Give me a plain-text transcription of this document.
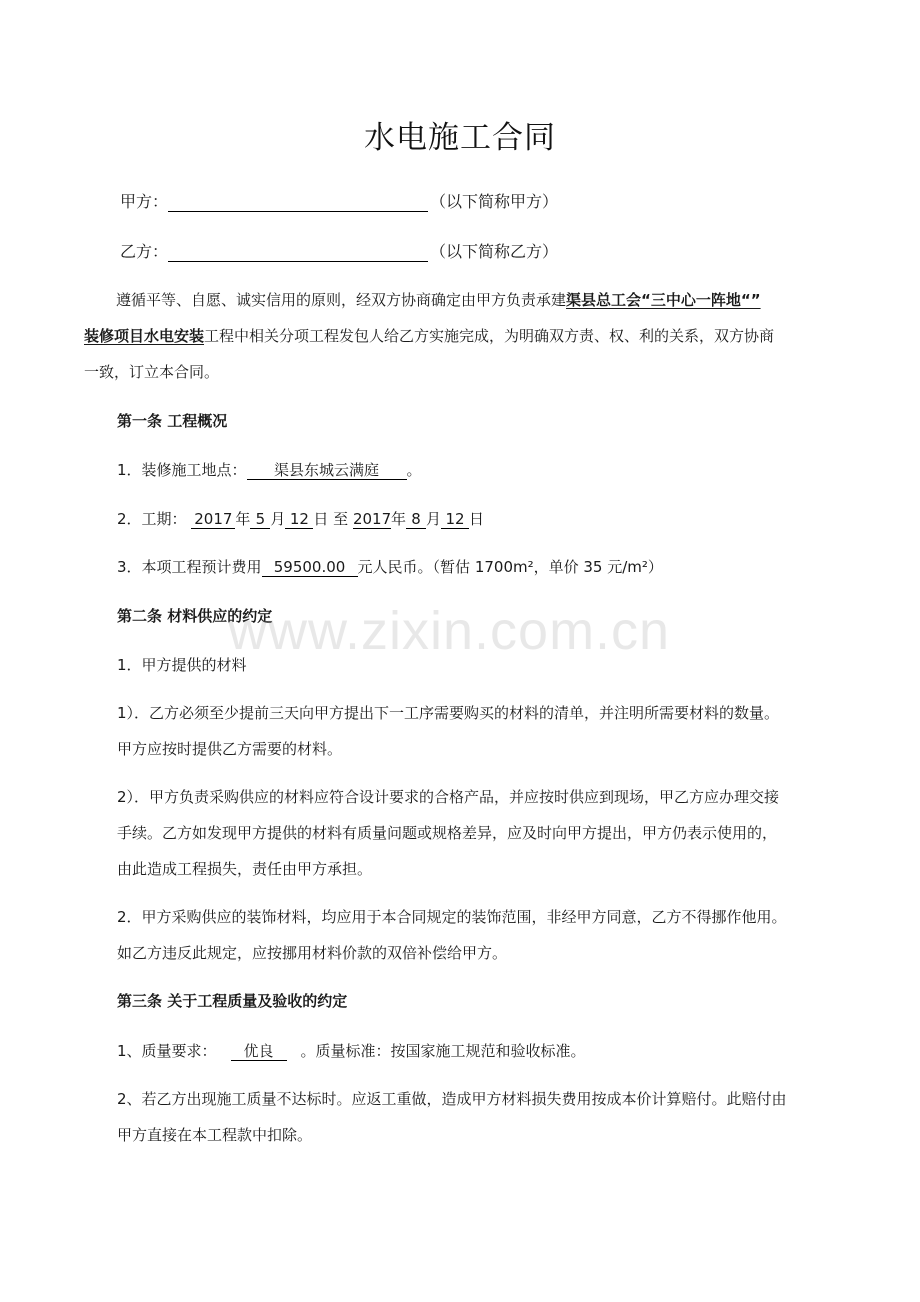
水电施工合同
甲方：	（以下简称甲方）
乙方：	（以下简称乙方）
遵循平等、自愿、诚实信用的原则，经双方协商确定由甲方负责承建渠县总工会“三中心一阵地“”
装修项目水电安装工程中相关分项工程发包人给乙方实施完成，为明确双方责、权、利的关系，双方协商
一致，订立本合同。
第一条 工程概况
1．装修施工地点： 渠县东城云满庭 。
2．工期： 2017 年 5 月 12 日 至 2017年 8 月 12 日
3．本项工程预计费用 59500.00 元人民币。（暂估 1700m²，单价 35 元/m²）
第二条 材料供应的约定
1．甲方提供的材料
1）．乙方必须至少提前三天向甲方提出下一工序需要购买的材料的清单，并注明所需要材料的数量。
甲方应按时提供乙方需要的材料。
2）．甲方负责采购供应的材料应符合设计要求的合格产品，并应按时供应到现场，甲乙方应办理交接
手续。乙方如发现甲方提供的材料有质量问题或规格差异，应及时向甲方提出，甲方仍表示使用的，
由此造成工程损失，责任由甲方承担。
2．甲方采购供应的装饰材料，均应用于本合同规定的装饰范围，非经甲方同意，乙方不得挪作他用。
如乙方违反此规定，应按挪用材料价款的双倍补偿给甲方。
第三条 关于工程质量及验收的约定
1、质量要求： 优良 。质量标准：按国家施工规范和验收标准。
2、若乙方出现施工质量不达标时。应返工重做，造成甲方材料损失费用按成本价计算赔付。此赔付由
甲方直接在本工程款中扣除。
www.zixin.com.cn
